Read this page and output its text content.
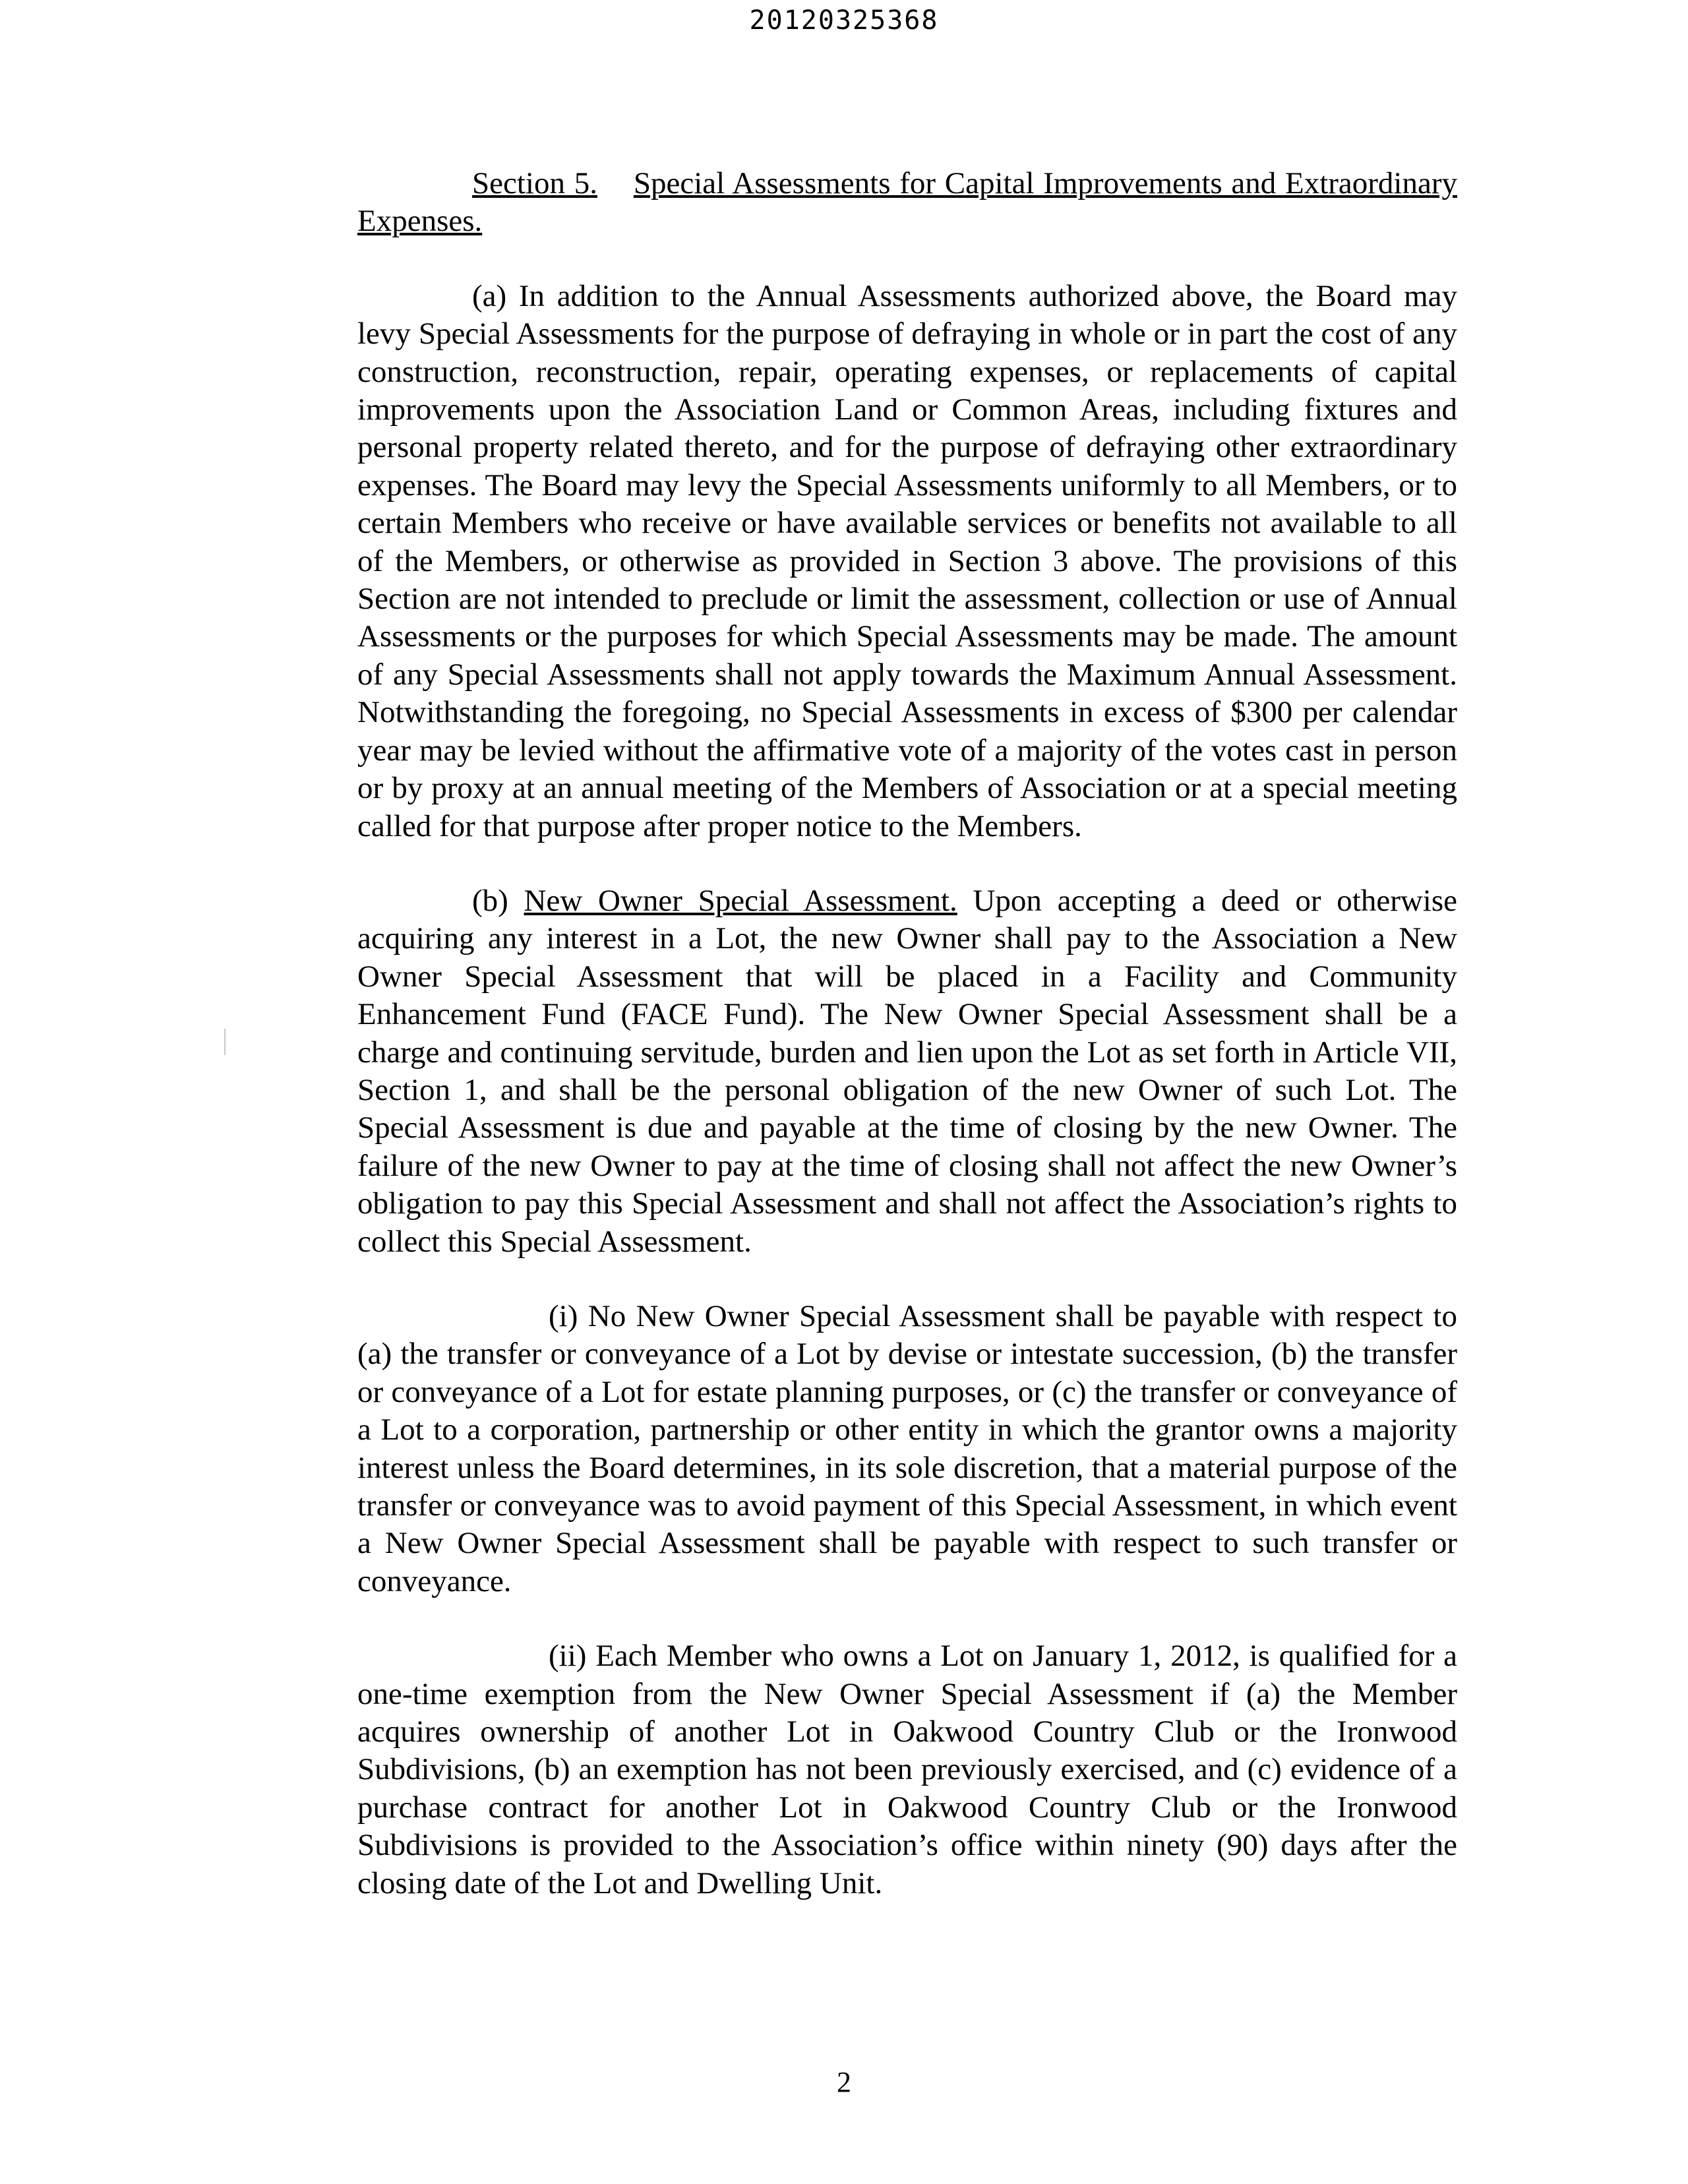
20120325368

Section 5. Special Assessments for Capital Improvements and Extraordinary Expenses.

(a) In addition to the Annual Assessments authorized above, the Board may levy Special Assessments for the purpose of defraying in whole or in part the cost of any construction, reconstruction, repair, operating expenses, or replacements of capital improvements upon the Association Land or Common Areas, including fixtures and personal property related thereto, and for the purpose of defraying other extraordinary expenses. The Board may levy the Special Assessments uniformly to all Members, or to certain Members who receive or have available services or benefits not available to all of the Members, or otherwise as provided in Section 3 above. The provisions of this Section are not intended to preclude or limit the assessment, collection or use of Annual Assessments or the purposes for which Special Assessments may be made. The amount of any Special Assessments shall not apply towards the Maximum Annual Assessment. Notwithstanding the foregoing, no Special Assessments in excess of $300 per calendar year may be levied without the affirmative vote of a majority of the votes cast in person or by proxy at an annual meeting of the Members of Association or at a special meeting called for that purpose after proper notice to the Members.

(b) New Owner Special Assessment. Upon accepting a deed or otherwise acquiring any interest in a Lot, the new Owner shall pay to the Association a New Owner Special Assessment that will be placed in a Facility and Community Enhancement Fund (FACE Fund). The New Owner Special Assessment shall be a charge and continuing servitude, burden and lien upon the Lot as set forth in Article VII, Section 1, and shall be the personal obligation of the new Owner of such Lot. The Special Assessment is due and payable at the time of closing by the new Owner. The failure of the new Owner to pay at the time of closing shall not affect the new Owner’s obligation to pay this Special Assessment and shall not affect the Association’s rights to collect this Special Assessment.

(i) No New Owner Special Assessment shall be payable with respect to (a) the transfer or conveyance of a Lot by devise or intestate succession, (b) the transfer or conveyance of a Lot for estate planning purposes, or (c) the transfer or conveyance of a Lot to a corporation, partnership or other entity in which the grantor owns a majority interest unless the Board determines, in its sole discretion, that a material purpose of the transfer or conveyance was to avoid payment of this Special Assessment, in which event a New Owner Special Assessment shall be payable with respect to such transfer or conveyance.

(ii) Each Member who owns a Lot on January 1, 2012, is qualified for a one-time exemption from the New Owner Special Assessment if (a) the Member acquires ownership of another Lot in Oakwood Country Club or the Ironwood Subdivisions, (b) an exemption has not been previously exercised, and (c) evidence of a purchase contract for another Lot in Oakwood Country Club or the Ironwood Subdivisions is provided to the Association’s office within ninety (90) days after the closing date of the Lot and Dwelling Unit.

2
